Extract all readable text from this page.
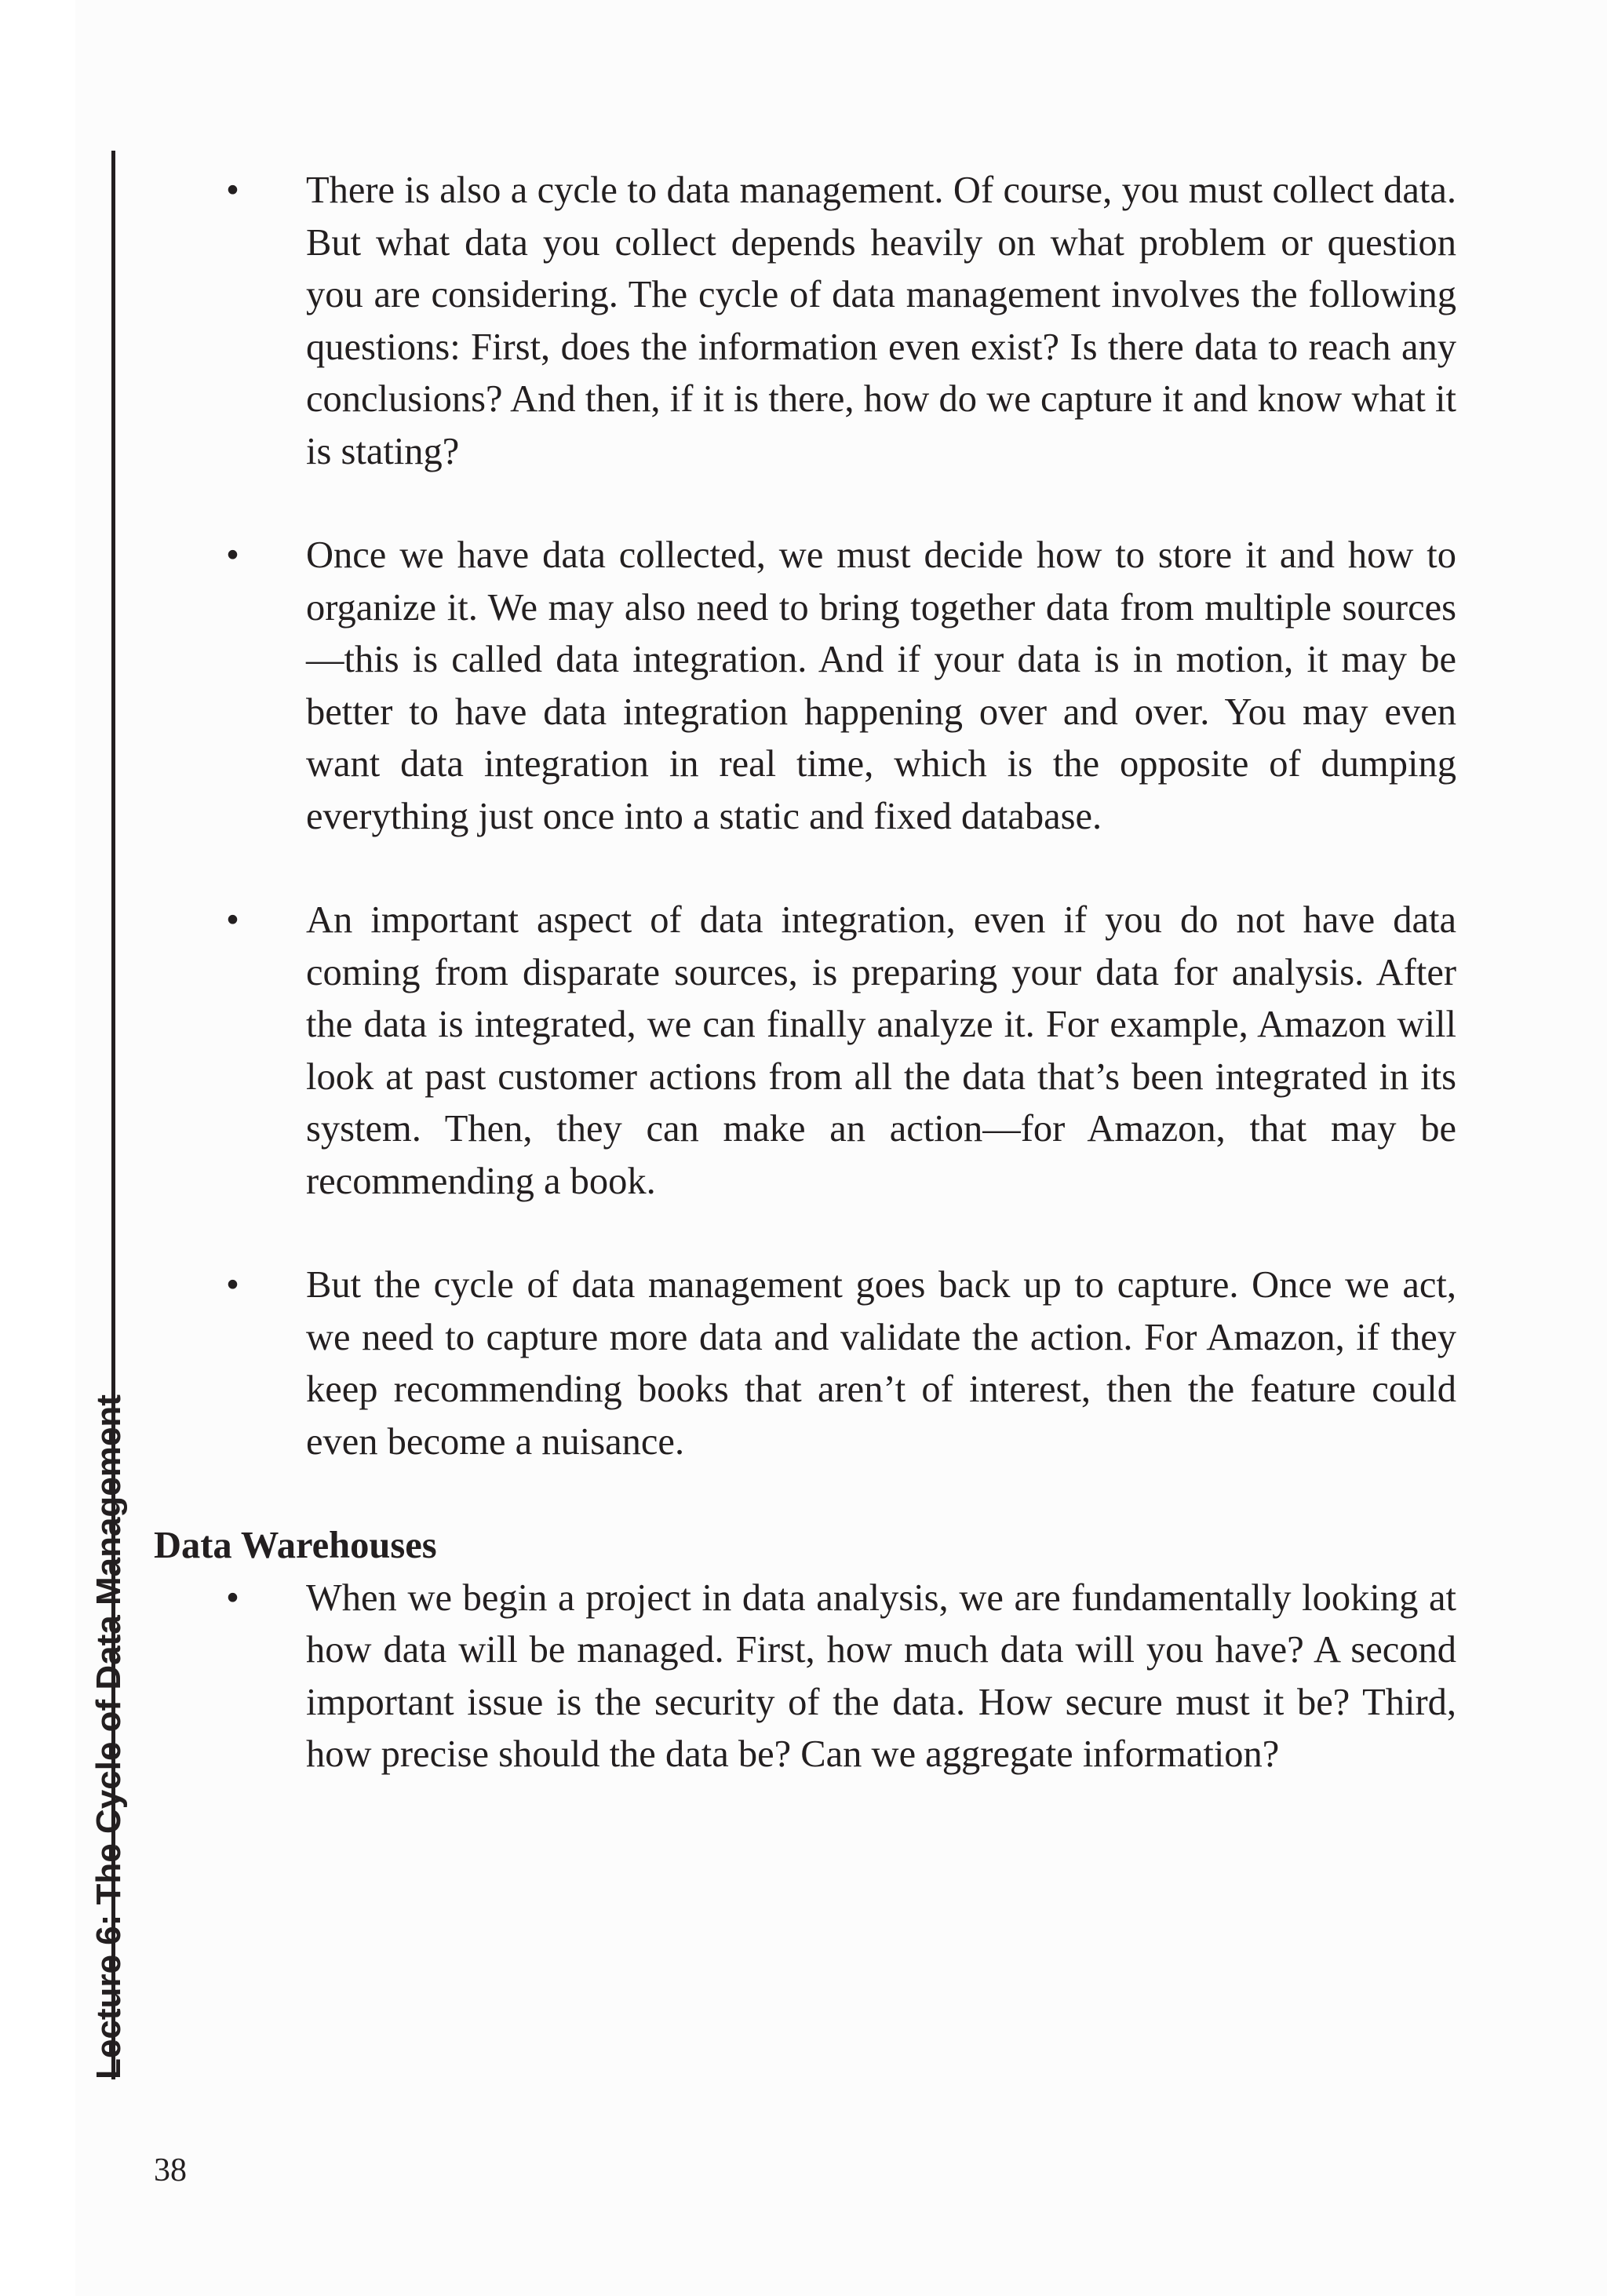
Lecture 6: The Cycle of Data Management
• There is also a cycle to data management. Of course, you must collect data. But what data you collect depends heavily on what problem or question you are considering. The cycle of data management involves the following questions: First, does the information even exist? Is there data to reach any conclusions? And then, if it is there, how do we capture it and know what it is stating?
• Once we have data collected, we must decide how to store it and how to organize it. We may also need to bring together data from multiple sources—this is called data integration. And if your data is in motion, it may be better to have data integration happening over and over. You may even want data integration in real time, which is the opposite of dumping everything just once into a static and fixed database.
• An important aspect of data integration, even if you do not have data coming from disparate sources, is preparing your data for analysis. After the data is integrated, we can finally analyze it. For example, Amazon will look at past customer actions from all the data that’s been integrated in its system. Then, they can make an action—for Amazon, that may be recommending a book.
• But the cycle of data management goes back up to capture. Once we act, we need to capture more data and validate the action. For Amazon, if they keep recommending books that aren’t of interest, then the feature could even become a nuisance.

Data Warehouses

• When we begin a project in data analysis, we are fundamentally looking at how data will be managed. First, how much data will you have? A second important issue is the security of the data. How secure must it be? Third, how precise should the data be? Can we aggregate information?
38
